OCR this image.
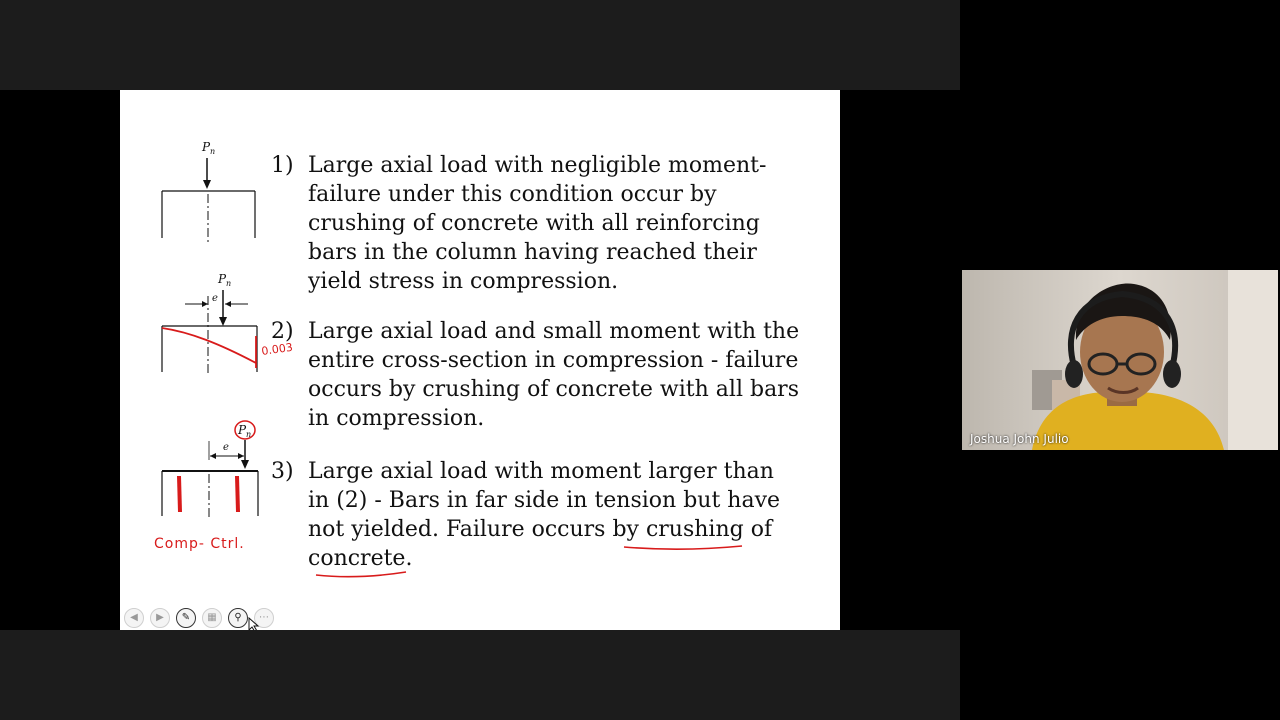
P n
P n
e
0.003
P n
e
Comp- Ctrl.
1) Large axial load with negligible moment-
failure under this condition occur by
crushing of concrete with all reinforcing
bars in the column having reached their
yield stress in compression.
2) Large axial load and small moment with the
entire cross-section in compression - failure
occurs by crushing of concrete with all bars
in compression.
3) Large axial load with moment larger than
in (2) - Bars in far side in tension but have
not yielded. Failure occurs by crushing of
concrete.
◀	▶	✎	▦	⚲	⋯
Joshua John Julio
